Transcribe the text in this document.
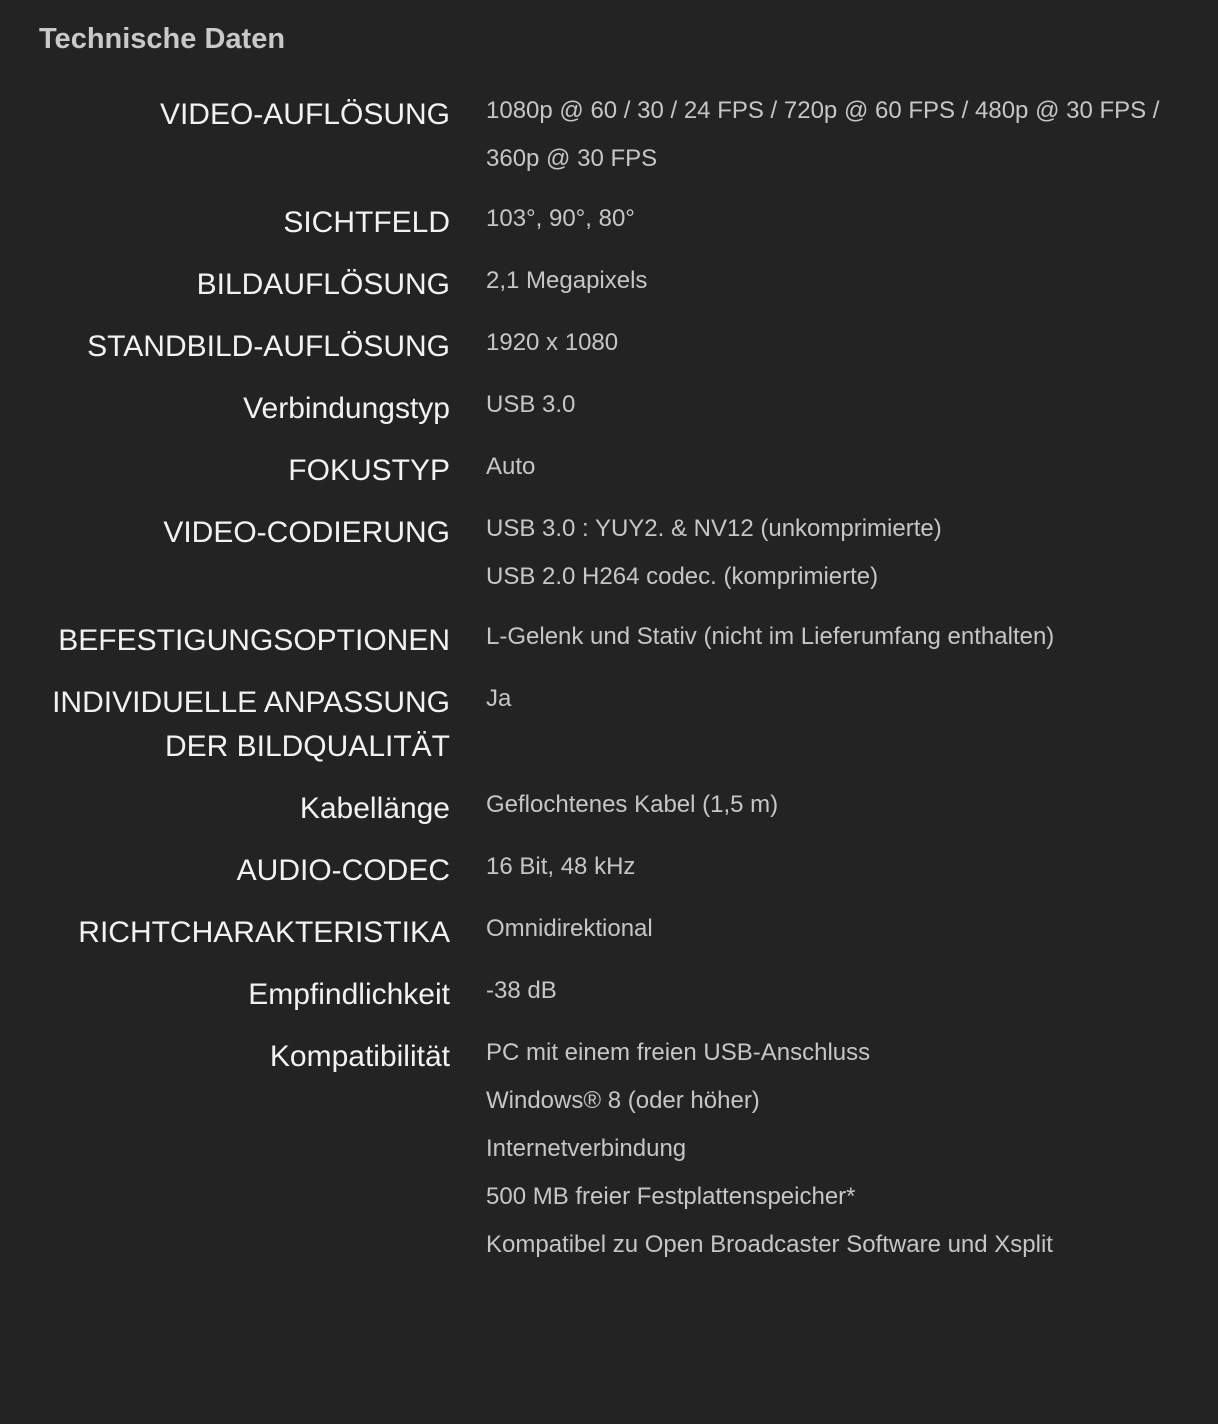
Technische Daten
VIDEO-AUFLÖSUNG 1080p @ 60 / 30 / 24 FPS / 720p @ 60 FPS / 480p @ 30 FPS / 360p @ 30 FPS
SICHTFELD 103°, 90°, 80°
BILDAUFLÖSUNG 2,1 Megapixels
STANDBILD-AUFLÖSUNG 1920 x 1080
Verbindungstyp USB 3.0
FOKUSTYP Auto
VIDEO-CODIERUNG USB 3.0 : YUY2. & NV12 (unkomprimierte)
USB 2.0 H264 codec. (komprimierte)
BEFESTIGUNGSOPTIONEN L-Gelenk und Stativ (nicht im Lieferumfang enthalten)
INDIVIDUELLE ANPASSUNG DER BILDQUALITÄT
Ja
Kabellänge Geflochtenes Kabel (1,5 m)
AUDIO-CODEC 16 Bit, 48 kHz
RICHTCHARAKTERISTIKA Omnidirektional
Empfindlichkeit -38 dB
Kompatibilität PC mit einem freien USB-Anschluss
Windows® 8 (oder höher)
Internetverbindung
500 MB freier Festplattenspeicher*
Kompatibel zu Open Broadcaster Software und Xsplit
